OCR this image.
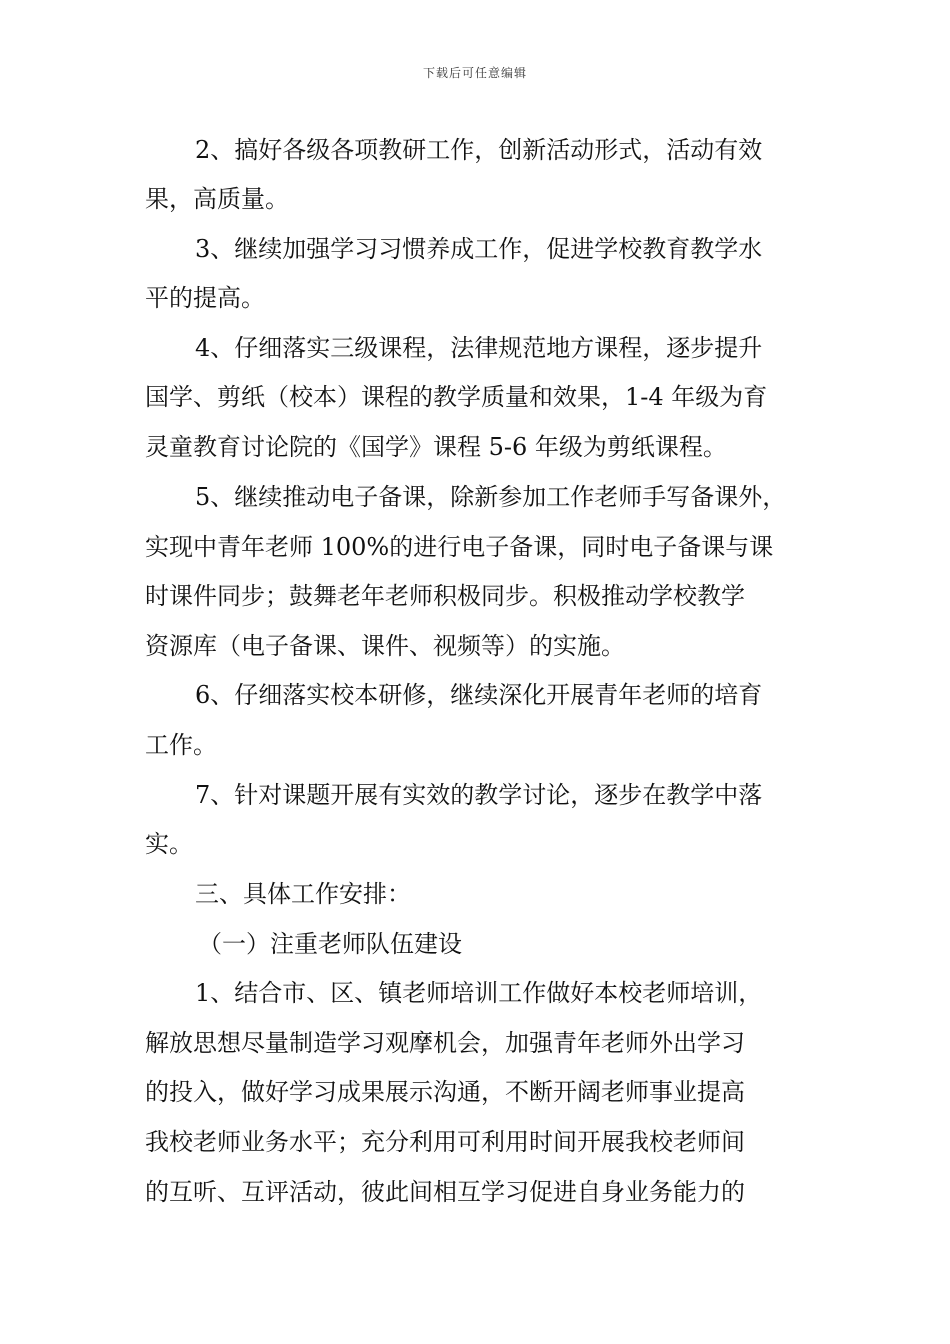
下载后可任意编辑
2、搞好各级各项教研工作，创新活动形式，活动有效
果，高质量。
3、继续加强学习习惯养成工作，促进学校教育教学水
平的提高。
4、仔细落实三级课程，法律规范地方课程，逐步提升
国学、剪纸（校本）课程的教学质量和效果，1-4 年级为育
灵童教育讨论院的《国学》课程 5-6 年级为剪纸课程。
5、继续推动电子备课，除新参加工作老师手写备课外，
实现中青年老师 100%的进行电子备课，同时电子备课与课
时课件同步；鼓舞老年老师积极同步。积极推动学校教学
资源库（电子备课、课件、视频等）的实施。
6、仔细落实校本研修，继续深化开展青年老师的培育
工作。
7、针对课题开展有实效的教学讨论，逐步在教学中落
实。
三、具体工作安排：
（一）注重老师队伍建设
1、结合市、区、镇老师培训工作做好本校老师培训，
解放思想尽量制造学习观摩机会，加强青年老师外出学习
的投入，做好学习成果展示沟通，不断开阔老师事业提高
我校老师业务水平；充分利用可利用时间开展我校老师间
的互听、互评活动，彼此间相互学习促进自身业务能力的
